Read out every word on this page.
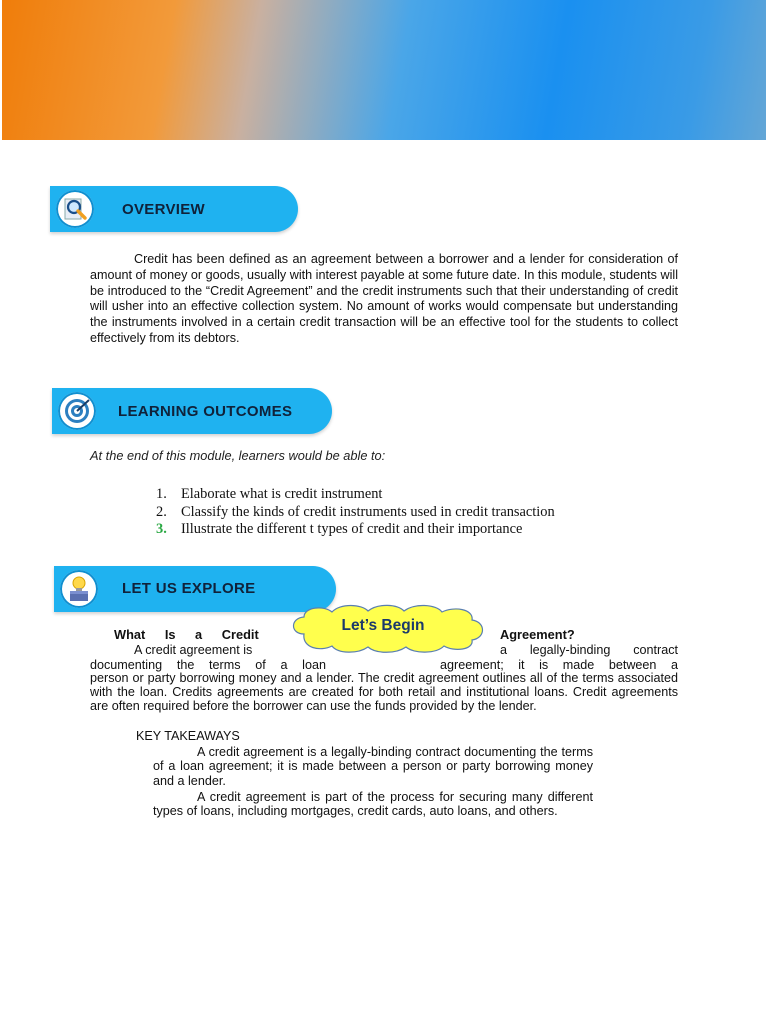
OVERVIEW
Credit has been defined as an agreement between a borrower and a lender for consideration of amount of money or goods, usually with interest payable at some future date. In this module, students will be introduced to the “Credit Agreement” and the credit instruments such that their understanding of credit will usher into an effective collection system. No amount of works would compensate but understanding the instruments involved in a certain credit transaction will be an effective tool for the students to collect effectively from its debtors.
LEARNING OUTCOMES
At the end of this module, learners would be able to:
1. Elaborate what is credit instrument
2. Classify the kinds of credit instruments used in credit transaction
3. Illustrate the different t types of credit and their importance
LET US EXPLORE
What Is a Credit	Agreement?
Let’s Begin
A credit agreement is	a legally-binding contract
documenting the terms of a loan	agreement; it is made between a
person or party borrowing money and a lender. The credit agreement outlines all of the terms associated with the loan. Credits agreements are created for both retail and institutional loans. Credit agreements are often required before the borrower can use the funds provided by the lender.
KEY TAKEAWAYS
A credit agreement is a legally-binding contract documenting the terms of a loan agreement; it is made between a person or party borrowing money and a lender.
A credit agreement is part of the process for securing many different types of loans, including mortgages, credit cards, auto loans, and others.
